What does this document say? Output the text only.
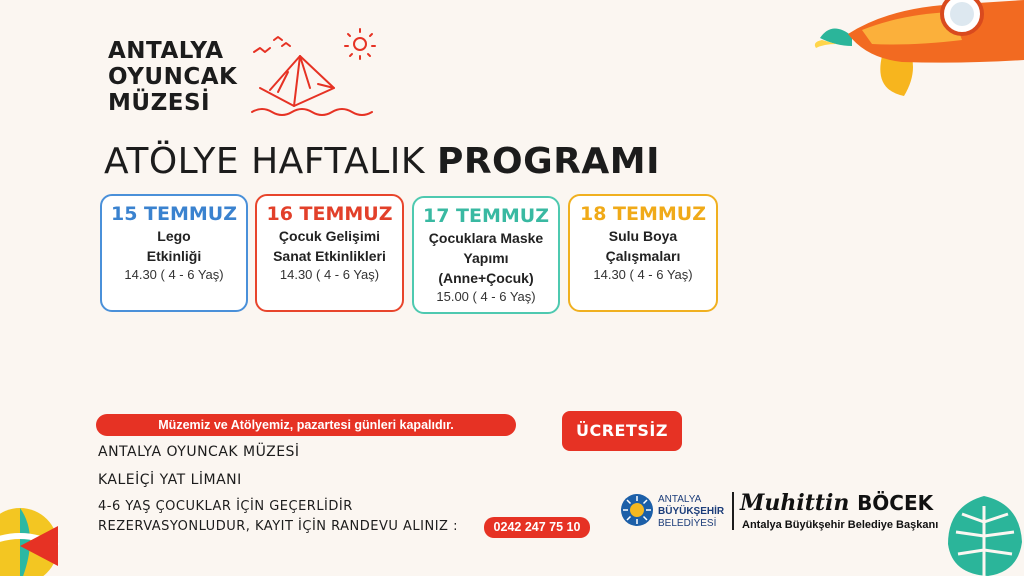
ANTALYA
OYUNCAK
MÜZESİ
ATÖLYE HAFTALIK PROGRAMI
15 TEMMUZ
Lego
Etkinliği
14.30 ( 4 - 6 Yaş)
16 TEMMUZ
Çocuk Gelişimi
Sanat Etkinlikleri
14.30 ( 4 - 6 Yaş)
17 TEMMUZ
Çocuklara Maske
Yapımı
(Anne+Çocuk)
15.00 ( 4 - 6 Yaş)
18 TEMMUZ
Sulu Boya
Çalışmaları
14.30 ( 4 - 6 Yaş)
Müzemiz ve Atölyemiz, pazartesi günleri kapalıdır.	ÜCRETSİZ
ANTALYA OYUNCAK MÜZESİ
KALEİÇİ YAT LİMANI
4-6 YAŞ ÇOCUKLAR İÇİN GEÇERLİDİR
REZERVASYONLUDUR, KAYIT İÇİN RANDEVU ALINIZ :	0242 247 75 10
ANTALYA
BÜYÜKŞEHİR
BELEDİYESİ
Muhittin BÖCEK
Antalya Büyükşehir Belediye Başkanı
